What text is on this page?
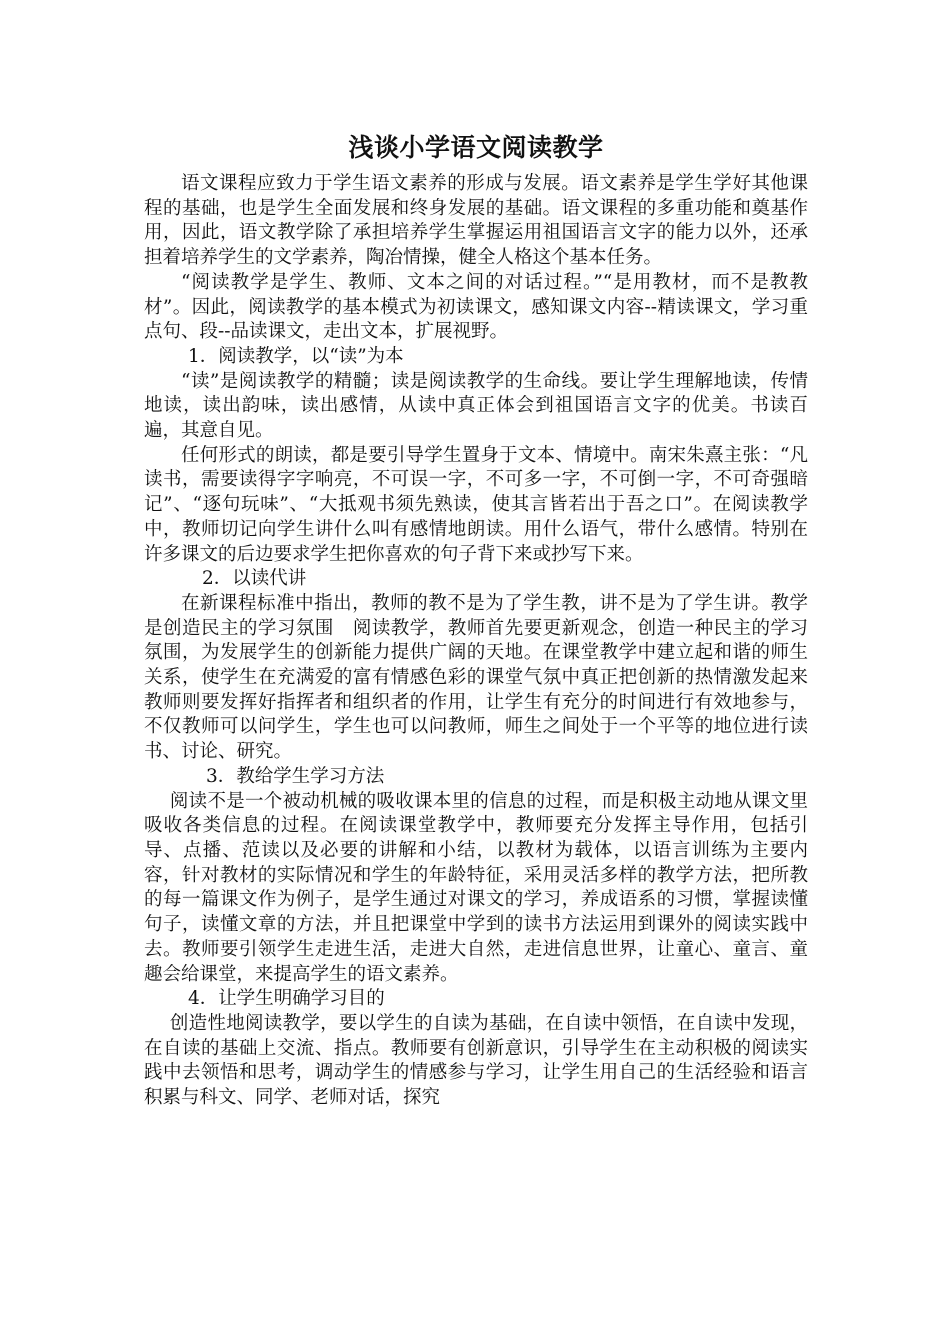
浅谈小学语文阅读教学

语文课程应致力于学生语文素养的形成与发展。语文素养是学生学好其他课程的基础，也是学生全面发展和终身发展的基础。语文课程的多重功能和奠基作用，因此，语文教学除了承担培养学生掌握运用祖国语言文字的能力以外，还承担着培养学生的文学素养，陶冶情操，健全人格这个基本任务。

“阅读教学是学生、教师、文本之间的对话过程。”“是用教材，而不是教教材”。因此，阅读教学的基本模式为初读课文，感知课文内容--精读课文，学习重点句、段--品读课文，走出文本，扩展视野。

1．阅读教学，以“读”为本

“读”是阅读教学的精髓；读是阅读教学的生命线。要让学生理解地读，传情地读，读出韵味，读出感情，从读中真正体会到祖国语言文字的优美。书读百遍，其意自见。

任何形式的朗读，都是要引导学生置身于文本、情境中。南宋朱熹主张：“凡读书，需要读得字字响亮，不可误一字，不可多一字，不可倒一字，不可奇强暗记”、“逐句玩味”、“大抵观书须先熟读，使其言皆若出于吾之口”。在阅读教学中，教师切记向学生讲什么叫有感情地朗读。用什么语气，带什么感情。特别在许多课文的后边要求学生把你喜欢的句子背下来或抄写下来。

2．以读代讲

在新课程标准中指出，教师的教不是为了学生教，讲不是为了学生讲。教学是创造民主的学习氛围　阅读教学，教师首先要更新观念，创造一种民主的学习氛围，为发展学生的创新能力提供广阔的天地。在课堂教学中建立起和谐的师生关系，使学生在充满爱的富有情感色彩的课堂气氛中真正把创新的热情激发起来教师则要发挥好指挥者和组织者的作用，让学生有充分的时间进行有效地参与，不仅教师可以问学生，学生也可以问教师，师生之间处于一个平等的地位进行读书、讨论、研究。

3．教给学生学习方法

阅读不是一个被动机械的吸收课本里的信息的过程，而是积极主动地从课文里吸收各类信息的过程。在阅读课堂教学中，教师要充分发挥主导作用，包括引导、点播、范读以及必要的讲解和小结，以教材为载体，以语言训练为主要内容，针对教材的实际情况和学生的年龄特征，采用灵活多样的教学方法，把所教的每一篇课文作为例子，是学生通过对课文的学习，养成语系的习惯，掌握读懂句子，读懂文章的方法，并且把课堂中学到的读书方法运用到课外的阅读实践中去。教师要引领学生走进生活，走进大自然，走进信息世界，让童心、童言、童趣会给课堂，来提高学生的语文素养。

4．让学生明确学习目的

创造性地阅读教学，要以学生的自读为基础，在自读中领悟，在自读中发现，在自读的基础上交流、指点。教师要有创新意识，引导学生在主动积极的阅读实践中去领悟和思考，调动学生的情感参与学习，让学生用自己的生活经验和语言积累与科文、同学、老师对话，探究
